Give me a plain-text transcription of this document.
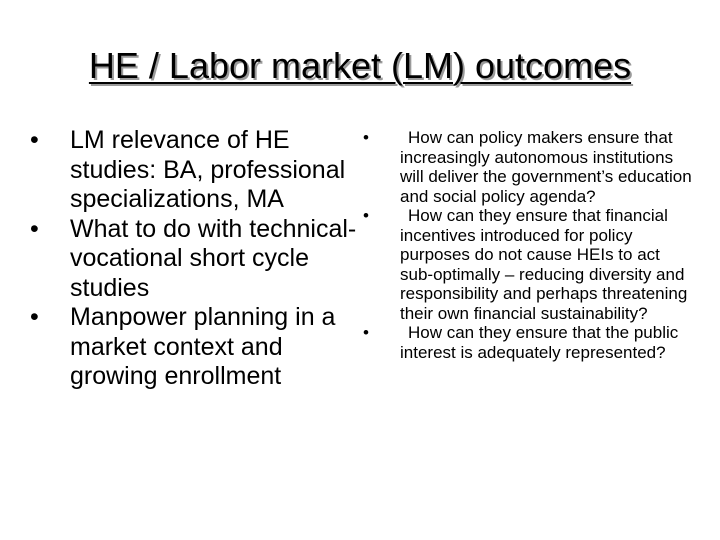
HE / Labor market (LM) outcomes
•	LM relevance of HE studies: BA, professional specializations, MA
•	What to do with technical-vocational short cycle studies
•	Manpower planning in a market context and growing enrollment
•	How can policy makers ensure that increasingly autonomous institutions will deliver the government’s education and social policy agenda?
•	How can they ensure that financial incentives introduced for policy purposes do not cause HEIs to act sub-optimally – reducing diversity and responsibility and perhaps threatening their own financial sustainability?
•	How can they ensure that the public interest is adequately represented?
